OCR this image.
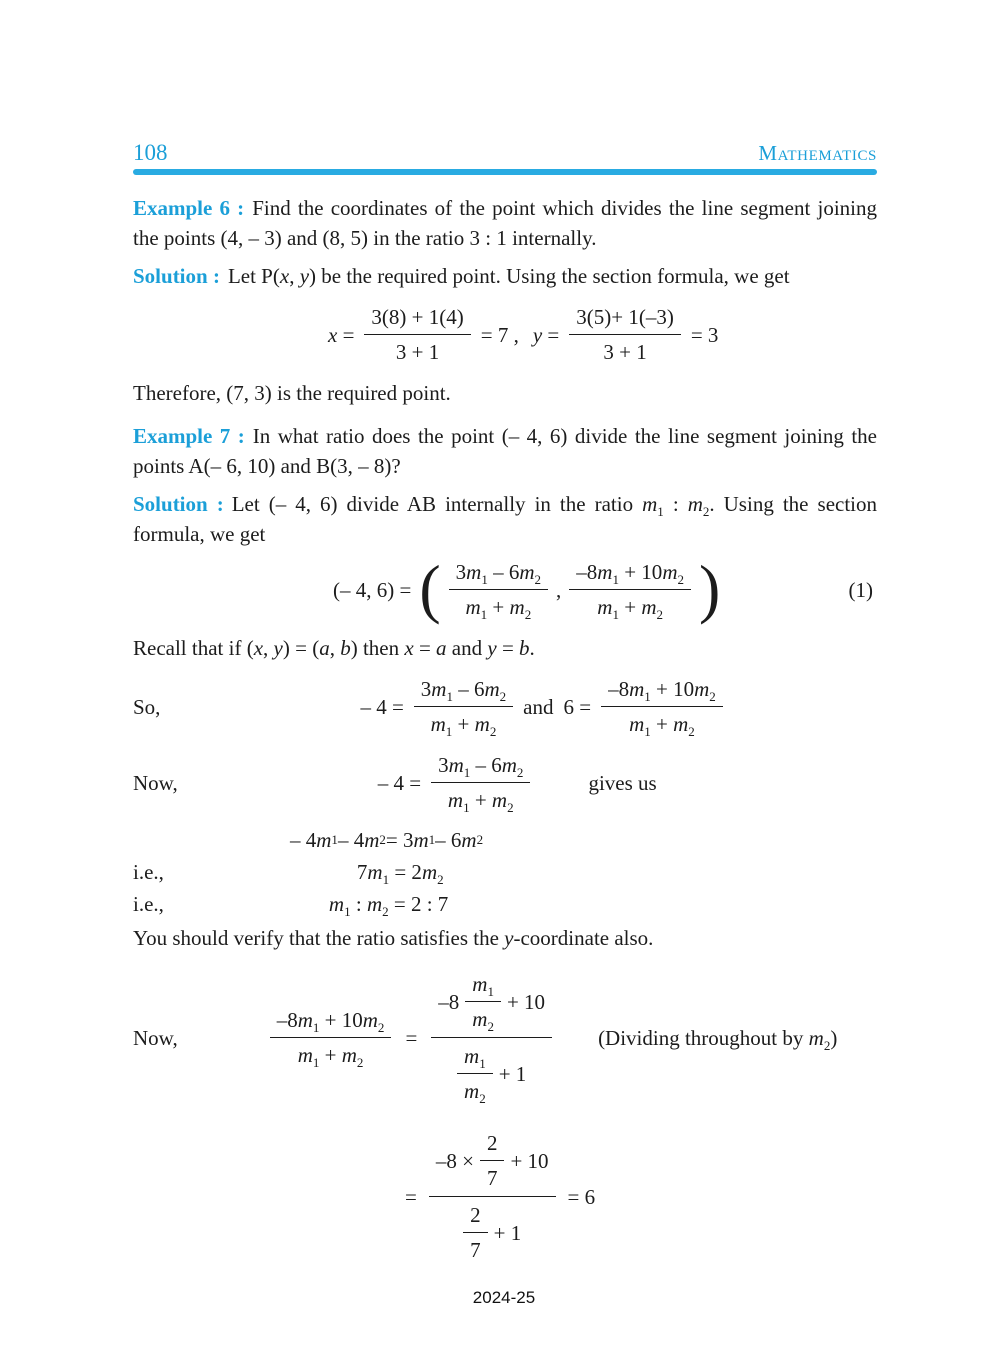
108	Mathematics

Example 6 : Find the coordinates of the point which divides the line segment joining the points (4, – 3) and (8, 5) in the ratio 3 : 1 internally.

Solution : Let P(x, y) be the required point. Using the section formula, we get

$x = \frac{3(8) + 1(4)}{3 + 1} = 7$ , $y = \frac{3(5)+ 1(-3)}{3 + 1} = 3$

Therefore, (7, 3) is the required point.

Example 7 : In what ratio does the point (– 4, 6) divide the line segment joining the points A(– 6, 10) and B(3, – 8)?

Solution : Let (– 4, 6) divide AB internally in the ratio $m_1$ : $m_2$. Using the section formula, we get

(– 4, 6) = ( $\frac{3m_1 - 6m_2}{m_1 + m_2}$ , $\frac{-8m_1 + 10m_2}{m_1 + m_2}$ )	(1)

Recall that if (x, y) = (a, b) then x = a and y = b.

So,	– $4 = \frac{3m_1 - 6m_2}{m_1 + m_2}$ and $6 = \frac{-8m_1 + 10m_2}{m_1 + m_2}$
Now,	– $4 = \frac{3m_1 - 6m_2}{m_1 + m_2}$	gives us
– 4 m 1 – 4 m 2 = 3 m 1 – 6 m 2
i.e.,	$7m_1 = 2m_2$
i.e.,	$m_1$ : $m_2 = 2$ : 7

You should verify that the ratio satisfies the y-coordinate also.

Now,	$\frac{-8m_1 + 10m_2}{m_1 + m_2}$ =
$-8 \frac{m_1}{m_2} + 10$
$\frac{m_1}{m_2} + 1$
(Dividing throughout by $m_2$)
=
$-8 \times \frac{2}{7} + 10$
$\frac{2}{7} + 1$
= 6
2024-25
